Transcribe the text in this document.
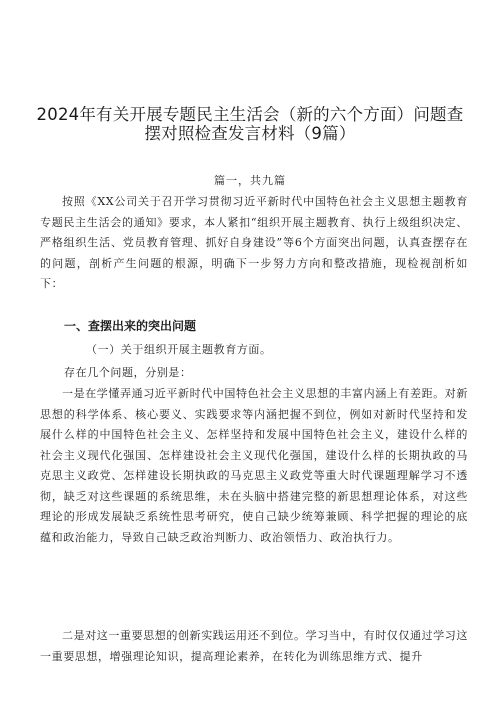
2024年有关开展专题民主生活会（新的六个方面）问题查
摆对照检查发言材料（9篇）
篇一，共九篇
按照《XX公司关于召开学习贯彻习近平新时代中国特色社会主义思想主题教育专题民主生活会的通知》要求，本人紧扣“组织开展主题教育、执行上级组织决定、严格组织生活、党员教育管理、抓好自身建设”等6个方面突出问题，认真查摆存在的问题，剖析产生问题的根源，明确下一步努力方向和整改措施，现检视剖析如下：
一、查摆出来的突出问题
（一）关于组织开展主题教育方面。
存在几个问题，分别是：
一是在学懂弄通习近平新时代中国特色社会主义思想的丰富内涵上有差距。对新思想的科学体系、核心要义、实践要求等内涵把握不到位，例如对新时代坚持和发展什么样的中国特色社会主义、怎样坚持和发展中国特色社会主义，建设什么样的社会主义现代化强国、怎样建设社会主义现代化强国，建设什么样的长期执政的马克思主义政党、怎样建设长期执政的马克思主义政党等重大时代课题理解学习不透彻，缺乏对这些课题的系统思维，未在头脑中搭建完整的新思想理论体系，对这些理论的形成发展缺乏系统性思考研究，使自己缺少统筹兼顾、科学把握的理论的底蕴和政治能力，导致自己缺乏政治判断力、政治领悟力、政治执行力。
二是对这一重要思想的创新实践运用还不到位。学习当中，有时仅仅通过学习这一重要思想，增强理论知识，提高理论素养，在转化为训练思维方式、提升
